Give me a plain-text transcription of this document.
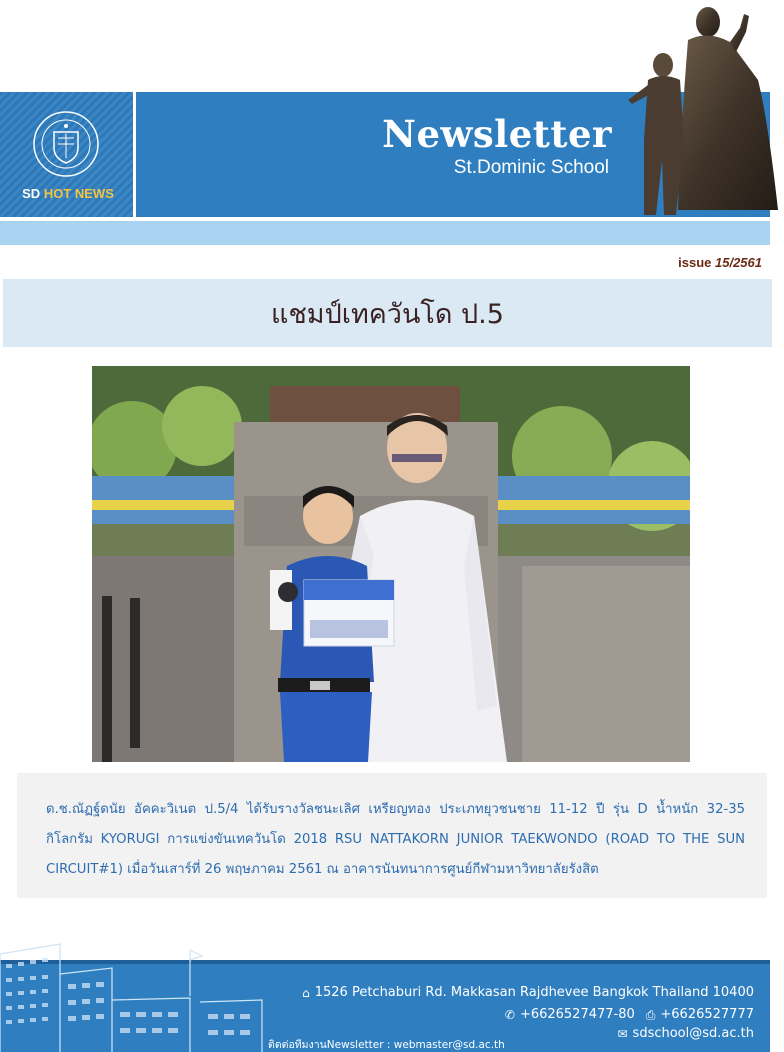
SD HOT NEWS
Newsletter
St.Dominic School
issue 15/2561
แชมป์เทควันโด ป.5

ด.ช.ณัฏฐ์ดนัย อัคคะวิเนต ป.5/4 ได้รับรางวัลชนะเลิศ เหรียญทอง ประเภทยุวชนชาย 11-12 ปี รุ่น D น้ำหนัก 32-35 กิโลกรัม KYORUGI การแข่งขันเทควันโด 2018 RSU NATTAKORN JUNIOR TAEKWONDO (ROAD TO THE SUN CIRCUIT#1) เมื่อวันเสาร์ที่ 26 พฤษภาคม 2561 ณ อาคารนันทนาการศูนย์กีฬามหาวิทยาลัยรังสิต

⌂ 1526 Petchaburi Rd. Makkasan Rajdhevee Bangkok Thailand 10400
✆ +6626527477-80 ⎙ +6626527777
✉ sdschool@sd.ac.th
ติดต่อทีมงานNewsletter : webmaster@sd.ac.th
